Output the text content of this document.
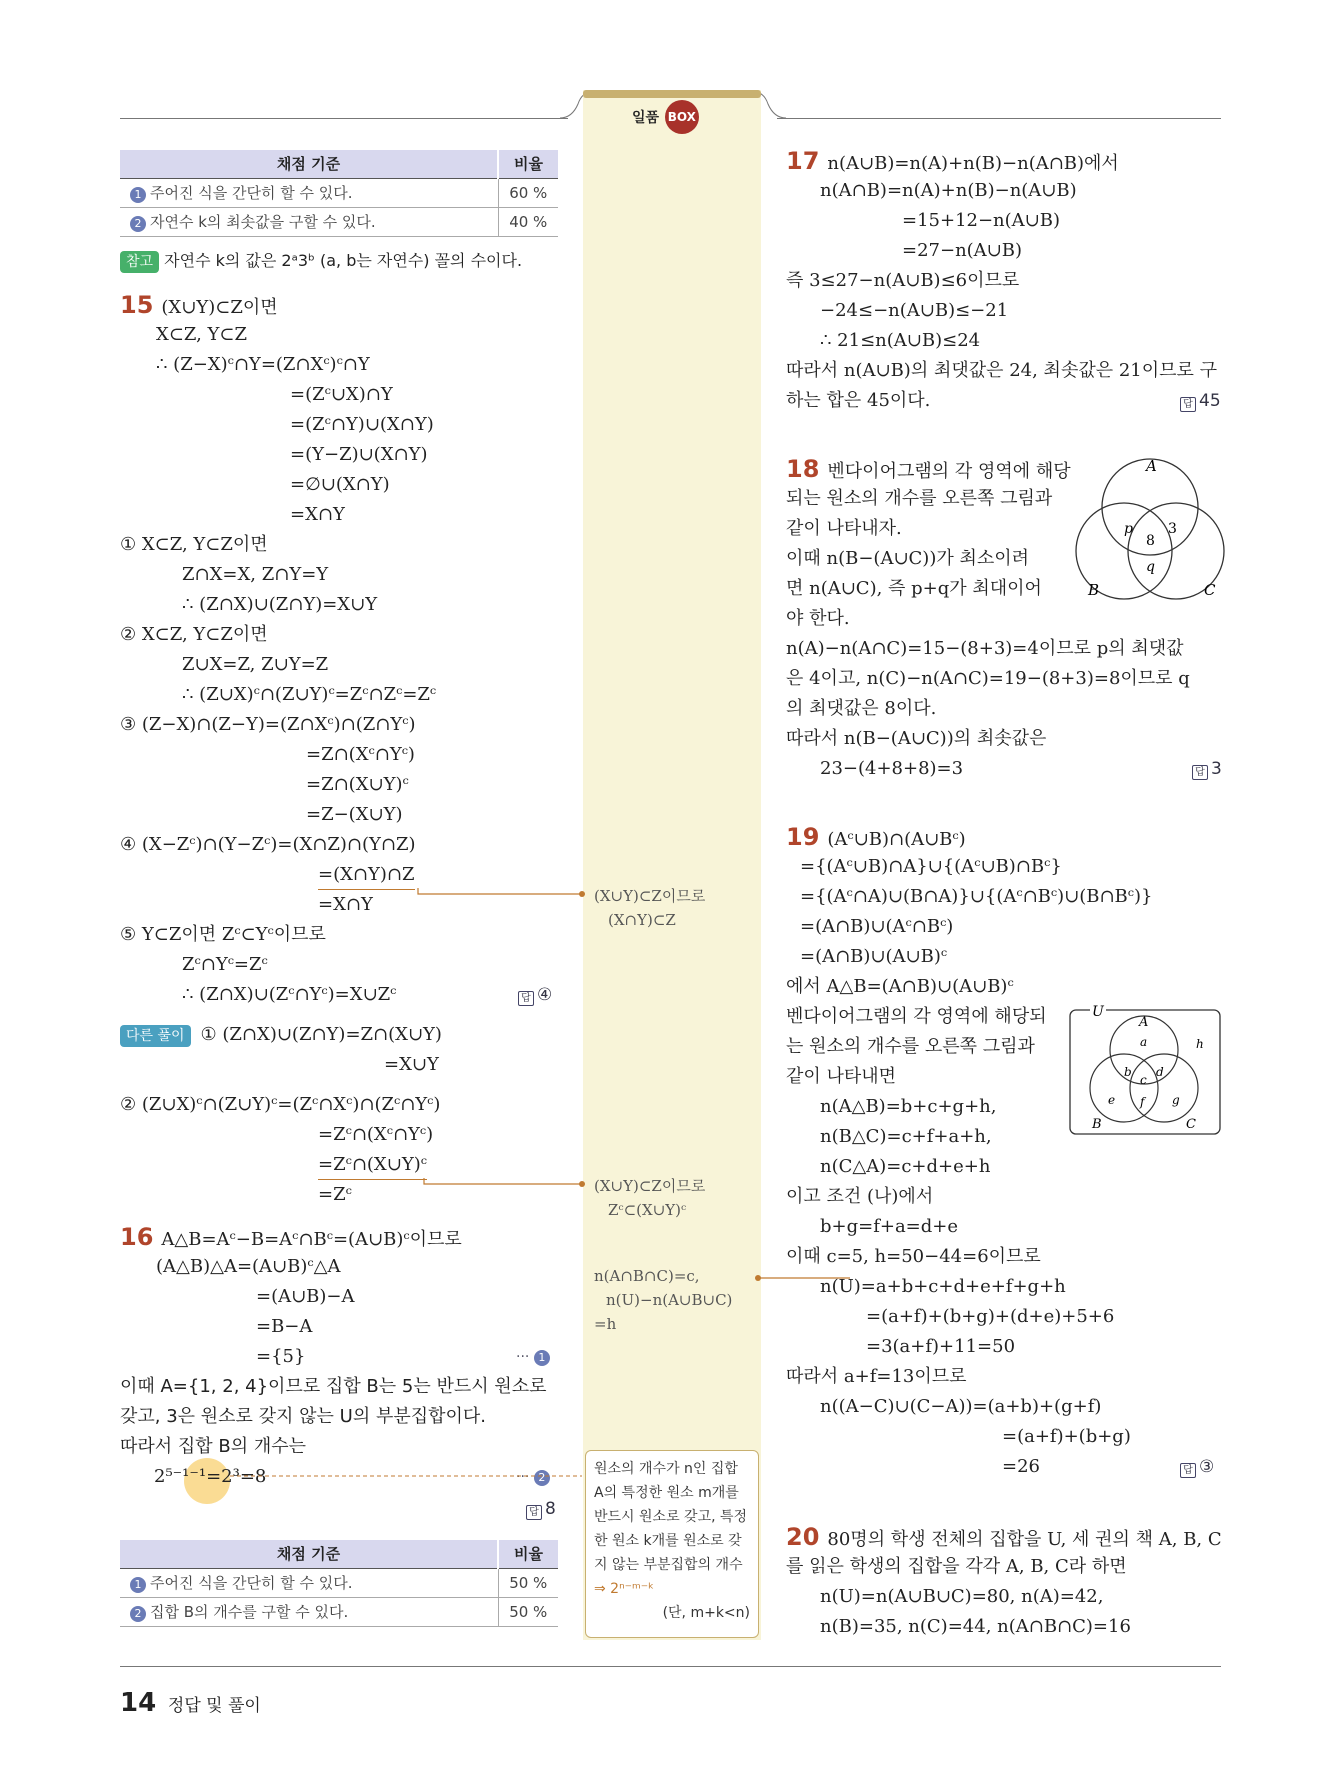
일품 BOX
채점 기준	비율
1 주어진 식을 간단히 할 수 있다.	60 %
2 자연수 k의 최솟값을 구할 수 있다.	40 %
참고 자연수 k의 값은 2ᵃ3ᵇ (a, b는 자연수) 꼴의 수이다.
15 (X∪Y)⊂Z이면
X⊂Z, Y⊂Z
∴ (Z−X)ᶜ∩Y=(Z∩Xᶜ)ᶜ∩Y
=(Zᶜ∪X)∩Y
=(Zᶜ∩Y)∪(X∩Y)
=(Y−Z)∪(X∩Y)
=∅∪(X∩Y)
=X∩Y
① X⊂Z, Y⊂Z이면
Z∩X=X, Z∩Y=Y
∴ (Z∩X)∪(Z∩Y)=X∪Y
② X⊂Z, Y⊂Z이면
Z∪X=Z, Z∪Y=Z
∴ (Z∪X)ᶜ∩(Z∪Y)ᶜ=Zᶜ∩Zᶜ=Zᶜ
③ (Z−X)∩(Z−Y)=(Z∩Xᶜ)∩(Z∩Yᶜ)
=Z∩(Xᶜ∩Yᶜ)
=Z∩(X∪Y)ᶜ
=Z−(X∪Y)
④ (X−Zᶜ)∩(Y−Zᶜ)=(X∩Z)∩(Y∩Z)
=(X∩Y)∩Z
=X∩Y
⑤ Y⊂Z이면 Zᶜ⊂Yᶜ이므로
Zᶜ∩Yᶜ=Zᶜ
∴ (Z∩X)∪(Zᶜ∩Yᶜ)=X∪Zᶜ	답 ④
다른 풀이 ① (Z∩X)∪(Z∩Y)=Z∩(X∪Y)
=X∪Y
② (Z∪X)ᶜ∩(Z∪Y)ᶜ=(Zᶜ∩Xᶜ)∩(Zᶜ∩Yᶜ)
=Zᶜ∩(Xᶜ∩Yᶜ)
=Zᶜ∩(X∪Y)ᶜ
=Zᶜ
16 A△B=Aᶜ−B=Aᶜ∩Bᶜ=(A∪B)ᶜ이므로
(A△B)△A=(A∪B)ᶜ△A
=(A∪B)−A
=B−A
={5}	··· 1
이때 A={1, 2, 4}이므로 집합 B는 5는 반드시 원소로
갖고, 3은 원소로 갖지 않는 U의 부분집합이다.
따라서 집합 B의 개수는
2⁵⁻¹⁻¹=2³=8	··· 2
답 8
채점 기준	비율
1 주어진 식을 간단히 할 수 있다.	50 %
2 집합 B의 개수를 구할 수 있다.	50 %
(X∪Y)⊂Z이므로
(X∩Y)⊂Z
(X∪Y)⊂Z이므로
Zᶜ⊂(X∪Y)ᶜ
n(A∩B∩C)=c,
n(U)−n(A∪B∪C)
=h
원소의 개수가 n인 집합
A의 특정한 원소 m개를
반드시 원소로 갖고, 특정
한 원소 k개를 원소로 갖
지 않는 부분집합의 개수
⇒ 2ⁿ⁻ᵐ⁻ᵏ
(단, m+k<n)
17 n(A∪B)=n(A)+n(B)−n(A∩B)에서
n(A∩B)=n(A)+n(B)−n(A∪B)
=15+12−n(A∪B)
=27−n(A∪B)
즉 3≤27−n(A∪B)≤6이므로
−24≤−n(A∪B)≤−21
∴ 21≤n(A∪B)≤24
따라서 n(A∪B)의 최댓값은 24, 최솟값은 21이므로 구
하는 합은 45이다.	답 45
18 벤다이어그램의 각 영역에 해당
되는 원소의 개수를 오른쪽 그림과
같이 나타내자.
이때 n(B−(A∪C))가 최소이려
면 n(A∪C), 즉 p+q가 최대이어
야 한다.
n(A)−n(A∩C)=15−(8+3)=4이므로 p의 최댓값
은 4이고, n(C)−n(A∩C)=19−(8+3)=8이므로 q
의 최댓값은 8이다.
따라서 n(B−(A∪C))의 최솟값은
23−(4+8+8)=3	답 3
A
B	C
p
8
3
q
19 (Aᶜ∪B)∩(A∪Bᶜ)
={(Aᶜ∪B)∩A}∪{(Aᶜ∪B)∩Bᶜ}
={(Aᶜ∩A)∪(B∩A)}∪{(Aᶜ∩Bᶜ)∪(B∩Bᶜ)}
=(A∩B)∪(Aᶜ∩Bᶜ)
=(A∩B)∪(A∪B)ᶜ
에서 A△B=(A∩B)∪(A∪B)ᶜ
벤다이어그램의 각 영역에 해당되
는 원소의 개수를 오른쪽 그림과
같이 나타내면
n(A△B)=b+c+g+h,
n(B△C)=c+f+a+h,
n(C△A)=c+d+e+h
이고 조건 (나)에서
b+g=f+a=d+e
이때 c=5, h=50−44=6이므로
n(U)=a+b+c+d+e+f+g+h
=(a+f)+(b+g)+(d+e)+5+6
=3(a+f)+11=50
따라서 a+f=13이므로
n((A−C)∪(C−A))=(a+b)+(g+f)
=(a+f)+(b+g)
=26	답 ③
U
A
B	C
a
b
c
d
e f g
h
20 80명의 학생 전체의 집합을 U, 세 권의 책 A, B, C
를 읽은 학생의 집합을 각각 A, B, C라 하면
n(U)=n(A∪B∪C)=80, n(A)=42,
n(B)=35, n(C)=44, n(A∩B∩C)=16
14 정답 및 풀이
